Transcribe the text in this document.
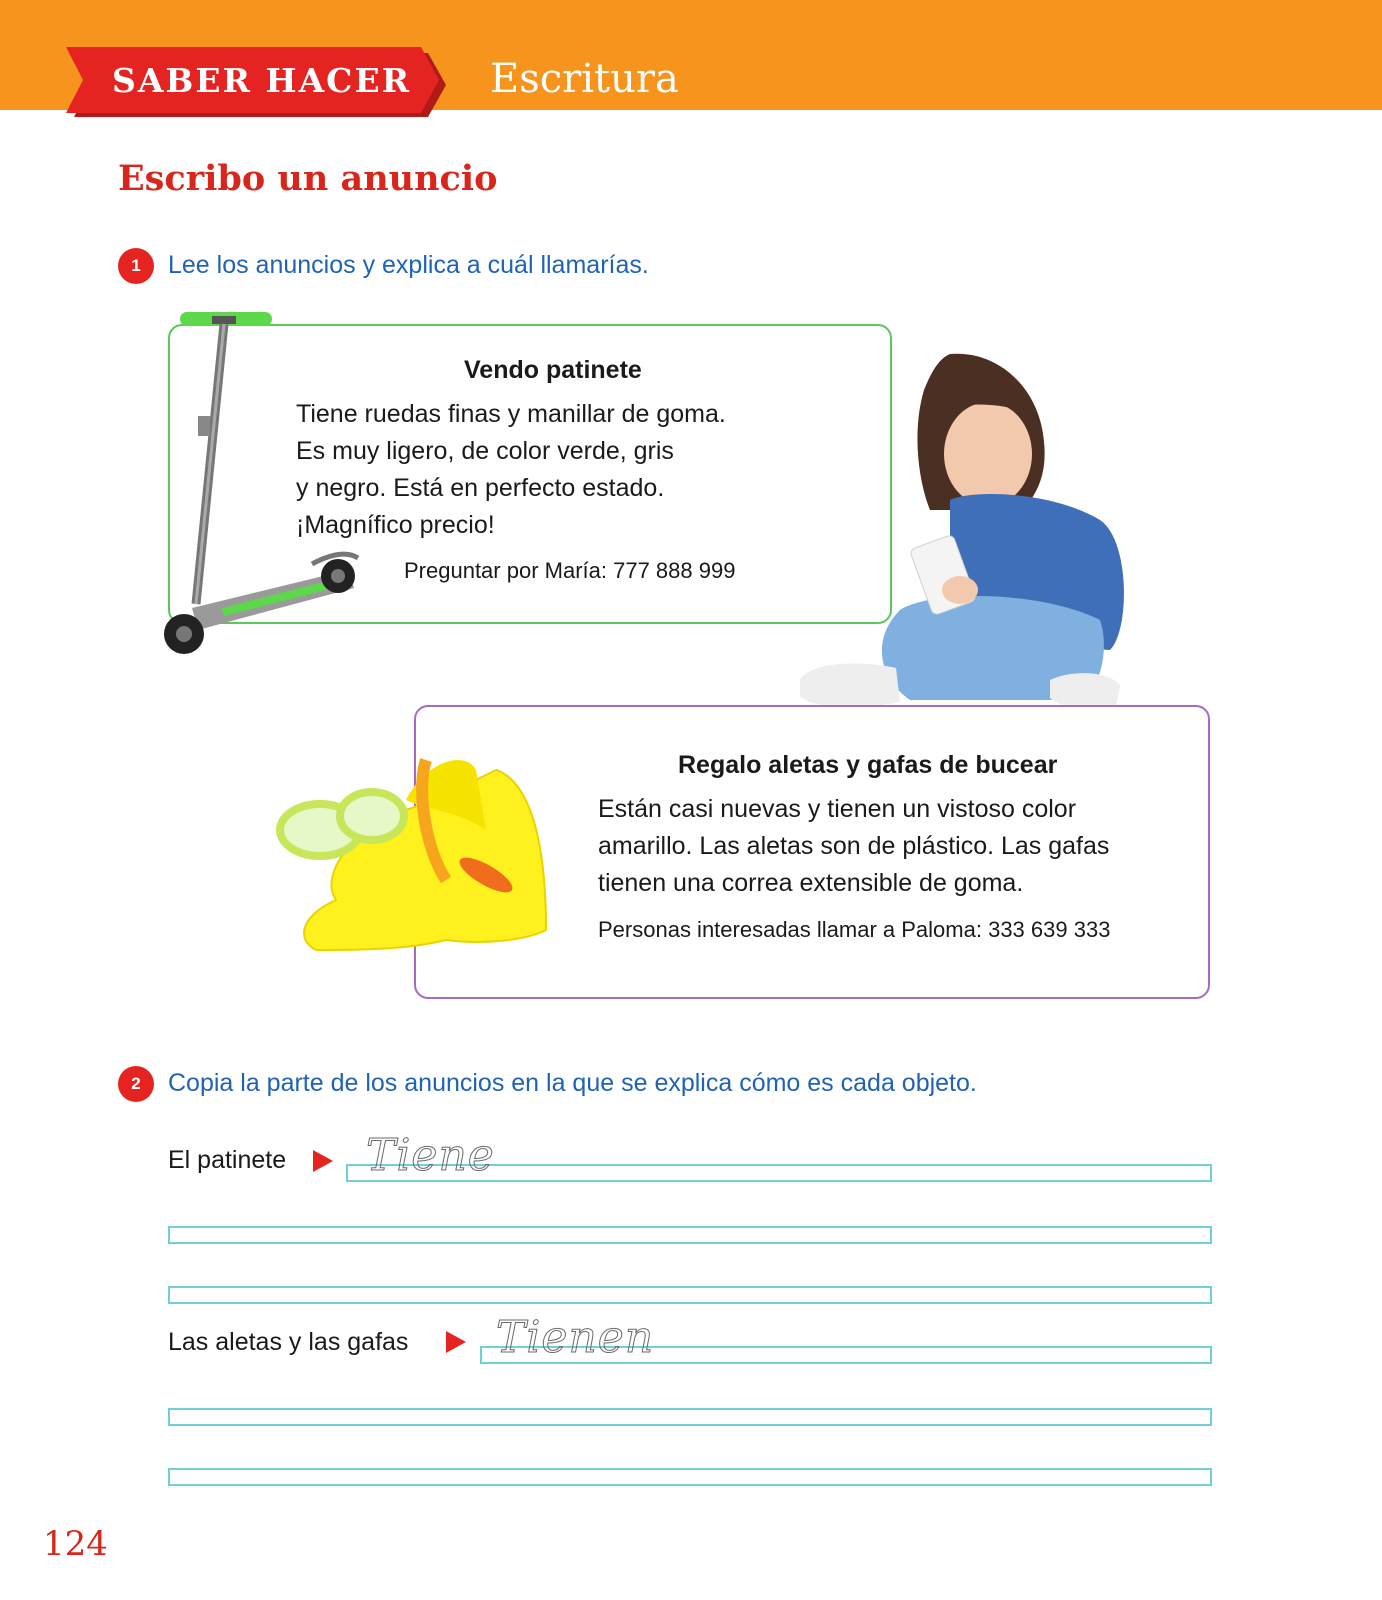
SABER HACER Escritura
Escribo un anuncio
1	Lee los anuncios y explica a cuál llamarías.
Vendo patinete
Tiene ruedas finas y manillar de goma.
Es muy ligero, de color verde, gris
y negro. Está en perfecto estado.
¡Magnífico precio!
Preguntar por María: 777 888 999
Regalo aletas y gafas de bucear
Están casi nuevas y tienen un vistoso color
amarillo. Las aletas son de plástico. Las gafas
tienen una correa extensible de goma.
Personas interesadas llamar a Paloma: 333 639 333
2	Copia la parte de los anuncios en la que se explica cómo es cada objeto.
El patinete Tiene
Las aletas y las gafas Tienen
124
